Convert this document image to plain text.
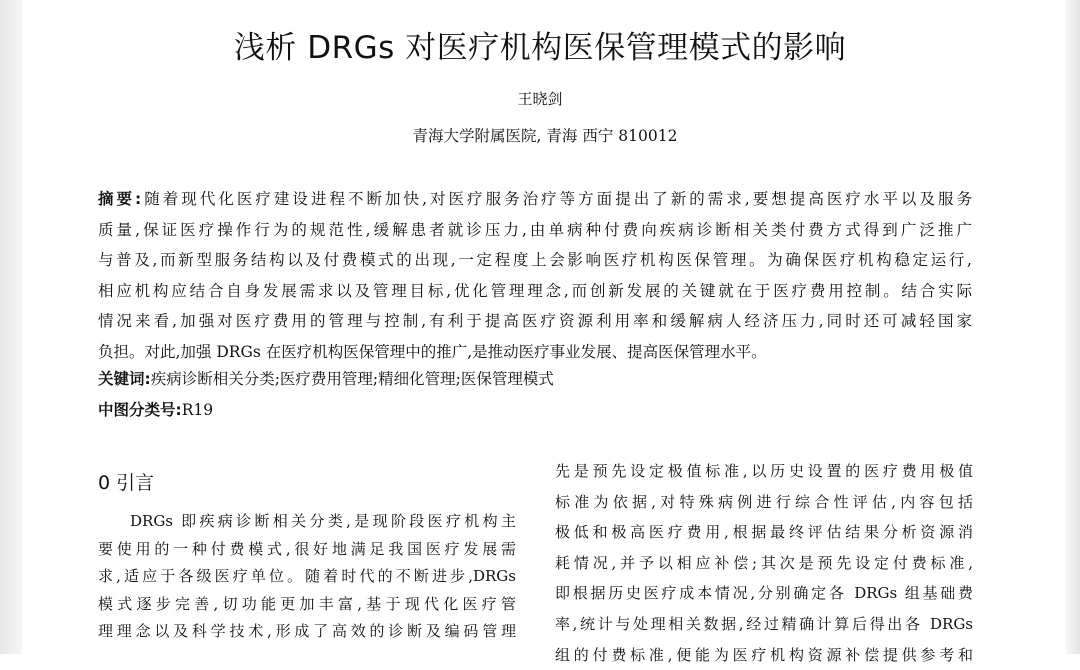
浅析 DRGs 对医疗机构医保管理模式的影响
王晓剑
青海大学附属医院, 青海 西宁 810012
摘要:随着现代化医疗建设进程不断加快,对医疗服务治疗等方面提出了新的需求,要想提高医疗水平以及服务
质量,保证医疗操作行为的规范性,缓解患者就诊压力,由单病种付费向疾病诊断相关类付费方式得到广泛推广
与普及,而新型服务结构以及付费模式的出现,一定程度上会影响医疗机构医保管理。为确保医疗机构稳定运行,
相应机构应结合自身发展需求以及管理目标,优化管理理念,而创新发展的关键就在于医疗费用控制。结合实际
情况来看,加强对医疗费用的管理与控制,有利于提高医疗资源利用率和缓解病人经济压力,同时还可减轻国家
负担。对此,加强 DRGs 在医疗机构医保管理中的推广,是推动医疗事业发展、提高医保管理水平。
关键词:疾病诊断相关分类;医疗费用管理;精细化管理;医保管理模式
中图分类号:R19
0 引言
DRGs 即疾病诊断相关分类,是现阶段医疗机构主
要使用的一种付费模式,很好地满足我国医疗发展需
求,适应于各级医疗单位。随着时代的不断进步,DRGs
模式逐步完善,切功能更加丰富,基于现代化医疗管
理理念以及科学技术,形成了高效的诊断及编码管理
先是预先设定极值标准,以历史设置的医疗费用极值
标准为依据,对特殊病例进行综合性评估,内容包括
极低和极高医疗费用,根据最终评估结果分析资源消
耗情况,并予以相应补偿;其次是预先设定付费标准,
即根据历史医疗成本情况,分别确定各 DRGs 组基础费
率,统计与处理相关数据,经过精确计算后得出各 DRGs
组的付费标准,便能为医疗机构资源补偿提供参考和
